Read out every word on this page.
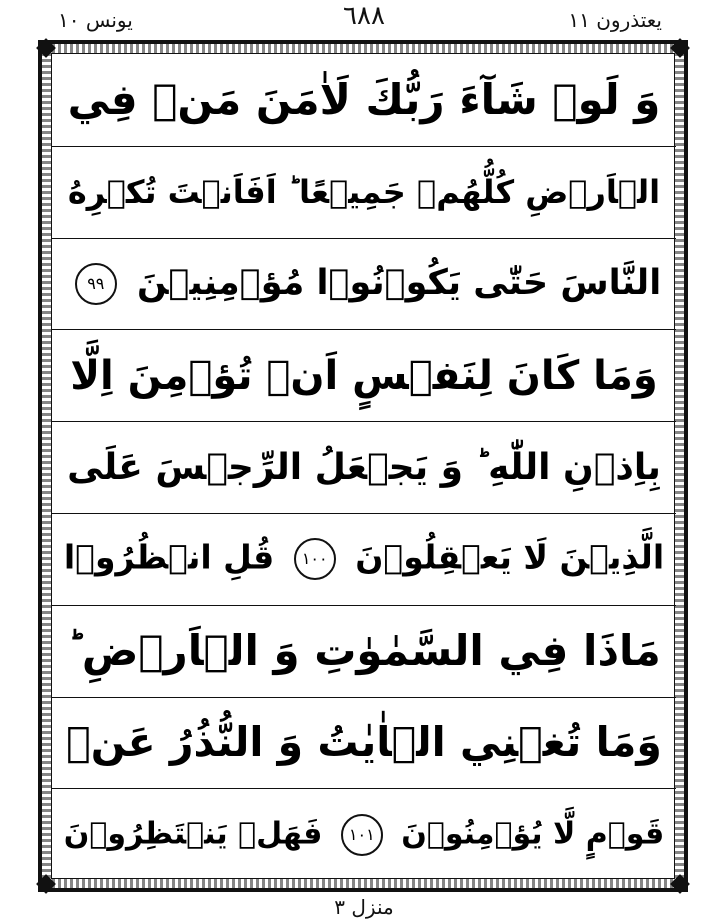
يونس ١٠	٦٨٨	يعتذرون ١١
وَ لَوۡ شَآءَ رَبُّكَ لَاٰمَنَ مَنۡ فِي
الۡاَرۡضِ كُلُّهُمۡ جَمِيۡعًا ؕ اَفَاَنۡتَ تُكۡرِهُ
النَّاسَ حَتّٰى يَكُوۡنُوۡا مُؤۡمِنِيۡنَ ٩٩
وَمَا كَانَ لِنَفۡسٍ اَنۡ تُؤۡمِنَ اِلَّا
بِاِذۡنِ اللّٰهِ ؕ وَ يَجۡعَلُ الرِّجۡسَ عَلَى
الَّذِيۡنَ لَا يَعۡقِلُوۡنَ ١٠٠ قُلِ انۡظُرُوۡا
مَاذَا فِي السَّمٰوٰتِ وَ الۡاَرۡضِ ؕ
وَمَا تُغۡنِي الۡاٰيٰتُ وَ النُّذُرُ عَنۡ
قَوۡمٍ لَّا يُؤۡمِنُوۡنَ ١٠١ فَهَلۡ يَنۡتَظِرُوۡنَ
منزل ٣
